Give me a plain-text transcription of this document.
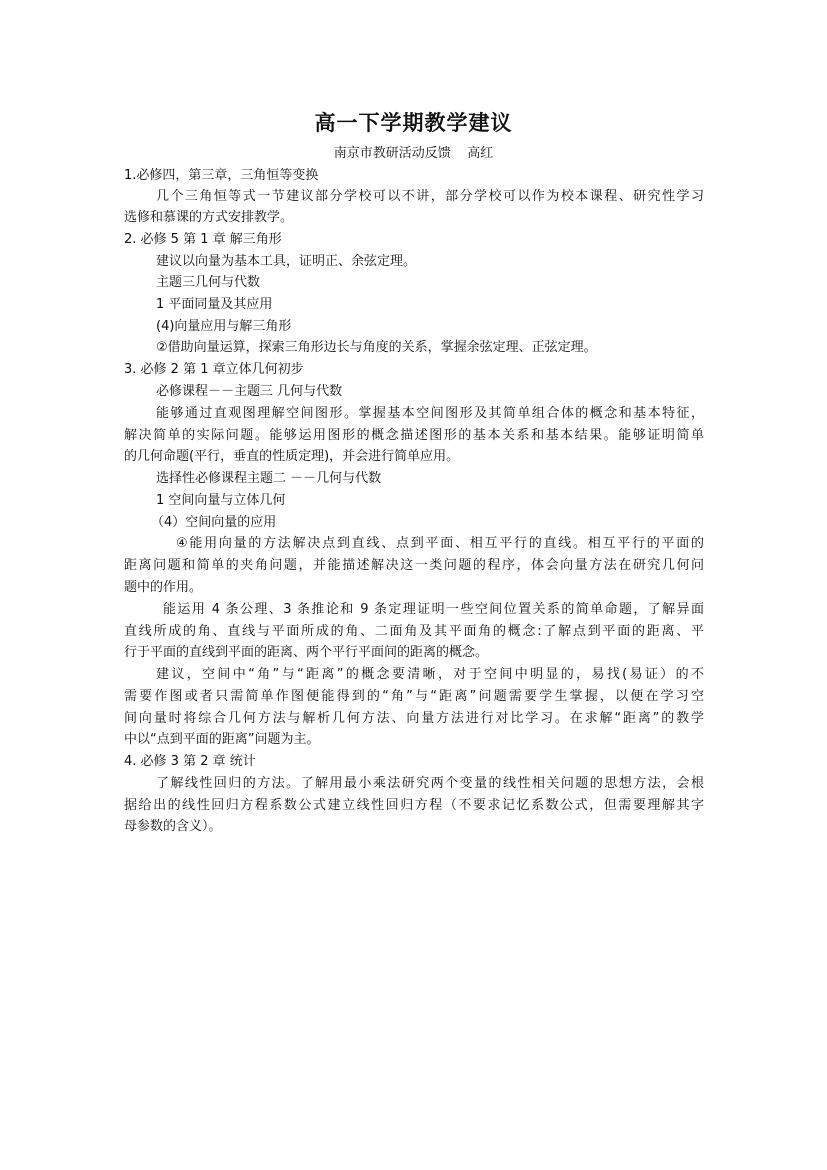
高一下学期教学建议
南京市教研活动反馈    高红
1.必修四，第三章，三角恒等变换
几个三角恒等式一节建议部分学校可以不讲，部分学校可以作为校本课程、研究性学习
选修和慕课的方式安排教学。
2. 必修 5 第 1 章 解三角形
建议以向量为基本工具，证明正、余弦定理。
主题三几何与代数
1 平面同量及其应用
(4)向量应用与解三角形
②借助向量运算，探索三角形边长与角度的关系，掌握余弦定理、正弦定理。
3. 必修 2 第 1 章立体几何初步
必修课程－－主题三 几何与代数
能够通过直观图理解空间图形。掌握基本空间图形及其简单组合体的概念和基本特征，
解决简单的实际问题。能够运用图形的概念描述图形的基本关系和基本结果。能够证明简单
的几何命题(平行，垂直的性质定理)，并会进行简单应用。
选择性必修课程主题二 －－几何与代数
1 空间向量与立体几何
（4）空间向量的应用
④能用向量的方法解决点到直线、点到平面、相互平行的直线。相互平行的平面的
距离问题和简单的夹角问题，并能描述解决这一类问题的程序，体会向量方法在研究几何问
题中的作用。
能运用 4 条公理、3 条推论和 9 条定理证明一些空间位置关系的简单命题，了解异面
直线所成的角、直线与平面所成的角、二面角及其平面角的概念:了解点到平面的距离、平
行于平面的直线到平面的距离、两个平行平面间的距离的概念。
建议，空间中“角”与“距离”的概念要清晰，对于空间中明显的，易找(易证）的不
需要作图或者只需简单作图便能得到的“角”与“距离”问题需要学生掌握，以便在学习空
间向量时将综合几何方法与解析几何方法、向量方法进行对比学习。在求解“距离”的教学
中以“点到平面的距离”问题为主。
4. 必修 3 第 2 章 统计
了解线性回归的方法。了解用最小乘法研究两个变量的线性相关问题的思想方法，会根
据给出的线性回归方程系数公式建立线性回归方程（不要求记忆系数公式，但需要理解其字
母参数的含义）。
